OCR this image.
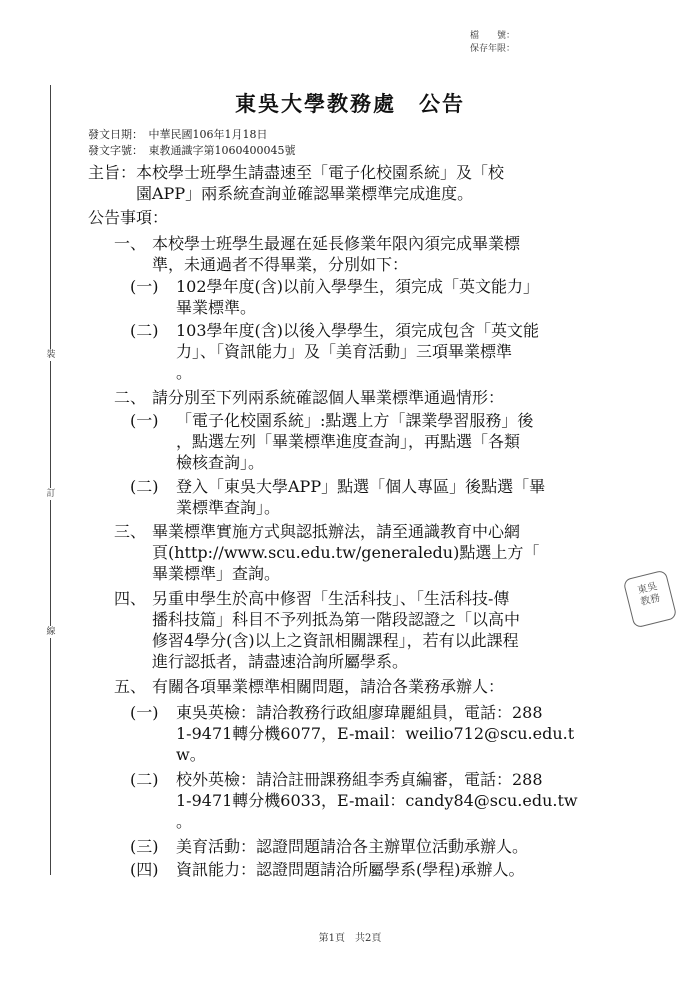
檔　　號：
保存年限：
裝
訂
線
東吳大學教務處　公告
發文日期：　中華民國106年1月18日
發文字號：　東教通識字第1060400045號
主旨： 本校學士班學生請盡速至「電子化校園系統」及「校
園APP」兩系統查詢並確認畢業標準完成進度。
公告事項：
一、 本校學士班學生最遲在延長修業年限內須完成畢業標
準，未通過者不得畢業，分別如下：
(一) 102學年度(含)以前入學學生，須完成「英文能力」
畢業標準。
(二) 103學年度(含)以後入學學生，須完成包含「英文能
力」、「資訊能力」及「美育活動」三項畢業標準
。
二、 請分別至下列兩系統確認個人畢業標準通過情形：
(一) 「電子化校園系統」:點選上方「課業學習服務」後
，點選左列「畢業標準進度查詢」，再點選「各類
檢核查詢」。
(二) 登入「東吳大學APP」點選「個人專區」後點選「畢
業標準查詢」。
三、 畢業標準實施方式與認抵辦法，請至通識教育中心網
頁(http://www.scu.edu.tw/generaledu)點選上方「
畢業標準」查詢。
四、 另重申學生於高中修習「生活科技」、「生活科技-傳
播科技篇」科目不予列抵為第一階段認證之「以高中
修習4學分(含)以上之資訊相關課程」，若有以此課程
進行認抵者，請盡速洽詢所屬學系。
五、 有關各項畢業標準相關問題，請洽各業務承辦人：
(一) 東吳英檢：請洽教務行政組廖瑋麗組員，電話：288
1-9471轉分機6077，E-mail：weilio712@scu.edu.t
w。
(二) 校外英檢：請洽註冊課務組李秀貞編審，電話：288
1-9471轉分機6033，E-mail：candy84@scu.edu.tw
。
(三) 美育活動：認證問題請洽各主辦單位活動承辦人。
(四) 資訊能力：認證問題請洽所屬學系(學程)承辦人。
東吳
教務
第1頁　共2頁
